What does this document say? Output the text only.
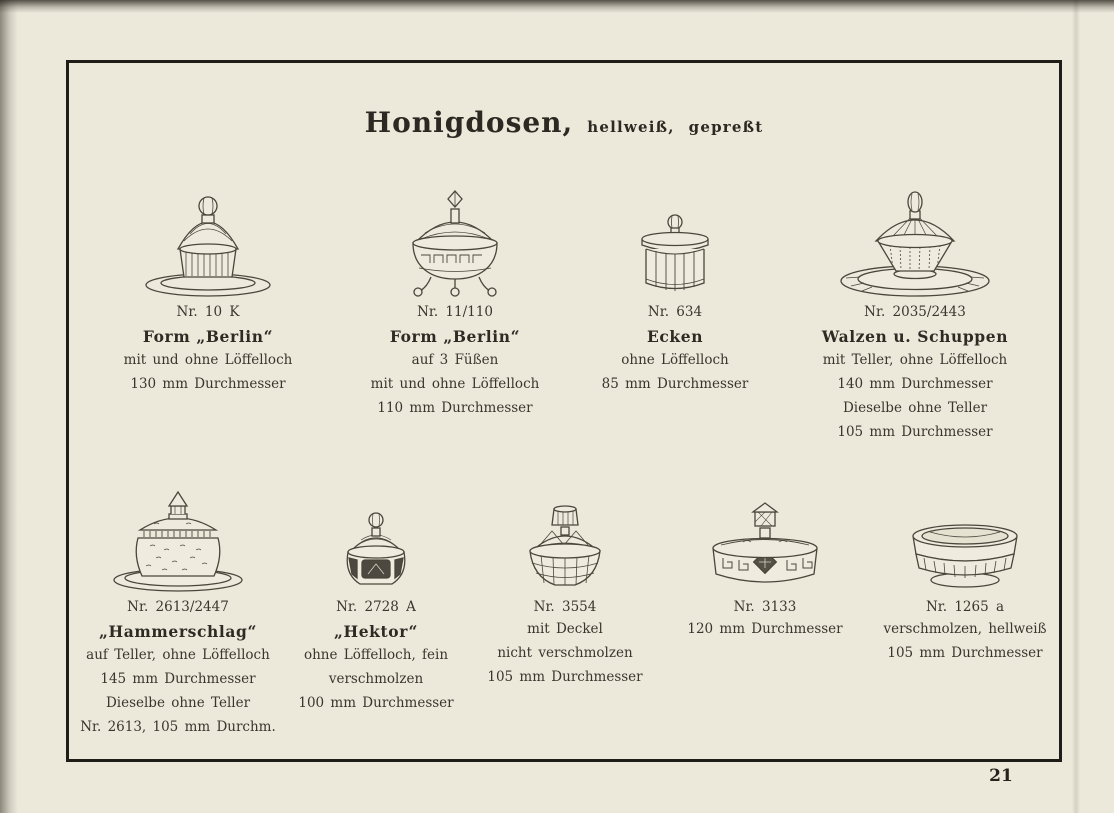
Honigdosen, hellweiß, gepreßt
Nr. 10 K
Form „Berlin“
mit und ohne Löffelloch
130 mm Durchmesser
Nr. 11/110
Form „Berlin“
auf 3 Füßen
mit und ohne Löffelloch
110 mm Durchmesser
Nr. 634
Ecken
ohne Löffelloch
85 mm Durchmesser
Nr. 2035/2443
Walzen u. Schuppen
mit Teller, ohne Löffelloch
140 mm Durchmesser
Dieselbe ohne Teller
105 mm Durchmesser
Nr. 2613/2447
„Hammerschlag“
auf Teller, ohne Löffelloch
145 mm Durchmesser
Dieselbe ohne Teller
Nr. 2613, 105 mm Durchm.
Nr. 2728 A
„Hektor“
ohne Löffelloch, fein
verschmolzen
100 mm Durchmesser
Nr. 3554
mit Deckel
nicht verschmolzen
105 mm Durchmesser
Nr. 3133
120 mm Durchmesser
Nr. 1265 a
verschmolzen, hellweiß
105 mm Durchmesser
21
